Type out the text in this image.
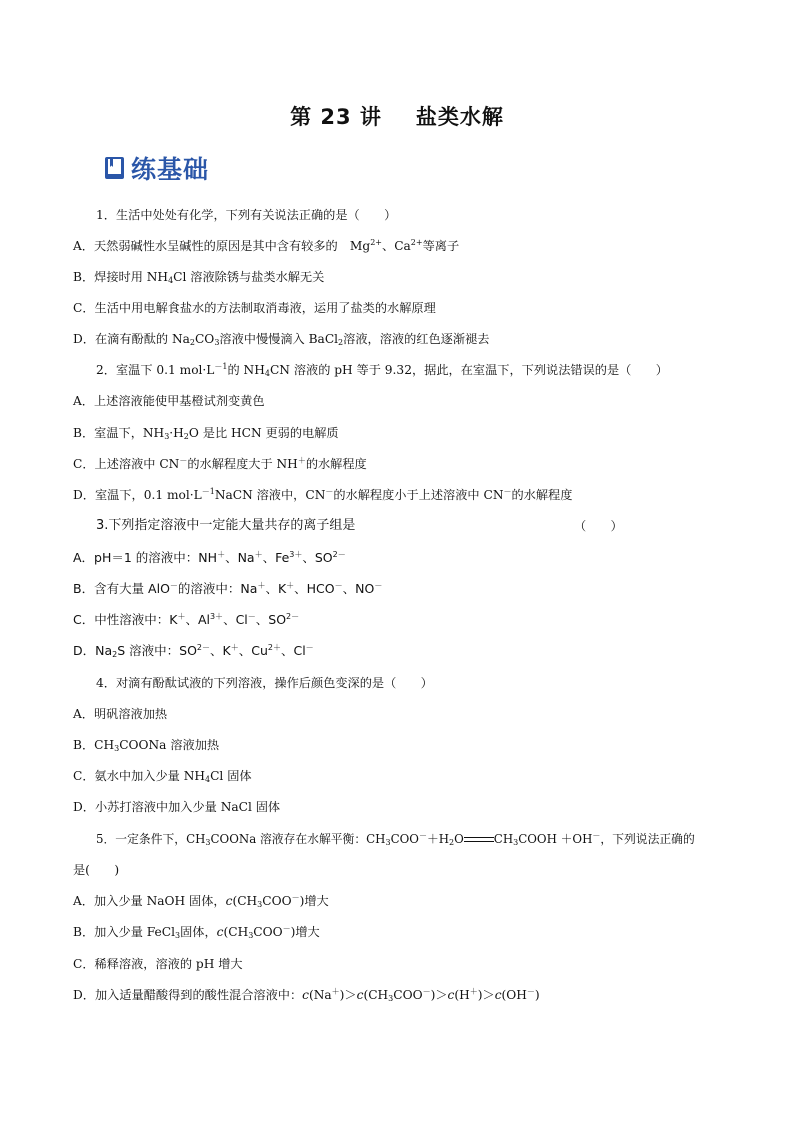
第 23 讲 盐类水解
练基础
1．生活中处处有化学，下列有关说法正确的是（　　）
A．天然弱碱性水呈碱性的原因是其中含有较多的　$Mg^{2+}$、$Ca^{2+}$等离子
B．焊接时用 $NH_4Cl$ 溶液除锈与盐类水解无关
C．生活中用电解食盐水的方法制取消毒液，运用了盐类的水解原理
D．在滴有酚酞的 $Na_2CO_3$溶液中慢慢滴入 BaCl$_2$溶液，溶液的红色逐渐褪去
2．室温下 0.1 $mol\cdot L^{-1}$的 $NH_4CN$ 溶液的 pH 等于 9.32，据此，在室温下，下列说法错误的是（　　）
A．上述溶液能使甲基橙试剂变黄色
B．室温下，$NH_3\cdot H_2O$ 是比 HCN 更弱的电解质
C．上述溶液中 CN－的水解程度大于 NH＋的水解程度
D．室温下，0.1 $mol\cdot L^{-1}NaCN$ 溶液中，CN－的水解程度小于上述溶液中 CN－的水解程度
3.下列指定溶液中一定能大量共存的离子组是	（　　）
A．pH＝1 的溶液中：NH＋、Na＋、$Fe^{3+}$、$SO^{2-}$
B．含有大量 AlO－的溶液中：Na＋、K＋、HCO－、NO－
C．中性溶液中：K＋、$Al^{3+}$、Cl－、$SO^{2-}$
D．$Na_2S$ 溶液中：$SO^{2-}$、K＋、$Cu^{2+}$、Cl－
4．对滴有酚酞试液的下列溶液，操作后颜色变深的是（　　）
A．明矾溶液加热
B．$CH_3COONa$ 溶液加热
C．氨水中加入少量 $NH_4Cl$ 固体
D．小苏打溶液中加入少量 NaCl 固体
5．一定条件下，$CH_3COONa$ 溶液存在水解平衡：$CH_3COO^-+H_2O$	$CH_3COOH +OH^-$，下列说法正确的
是(　　)
A．加入少量 NaOH 固体，$c(CH_3COO^-)$增大
B．加入少量 FeCl$_3$固体，$c(CH_3COO^-)$增大
C．稀释溶液，溶液的 pH 增大
D．加入适量醋酸得到的酸性混合溶液中：$c(Na^+)>c(CH_3COO^-)>c(H^+)>c(OH^-)$
